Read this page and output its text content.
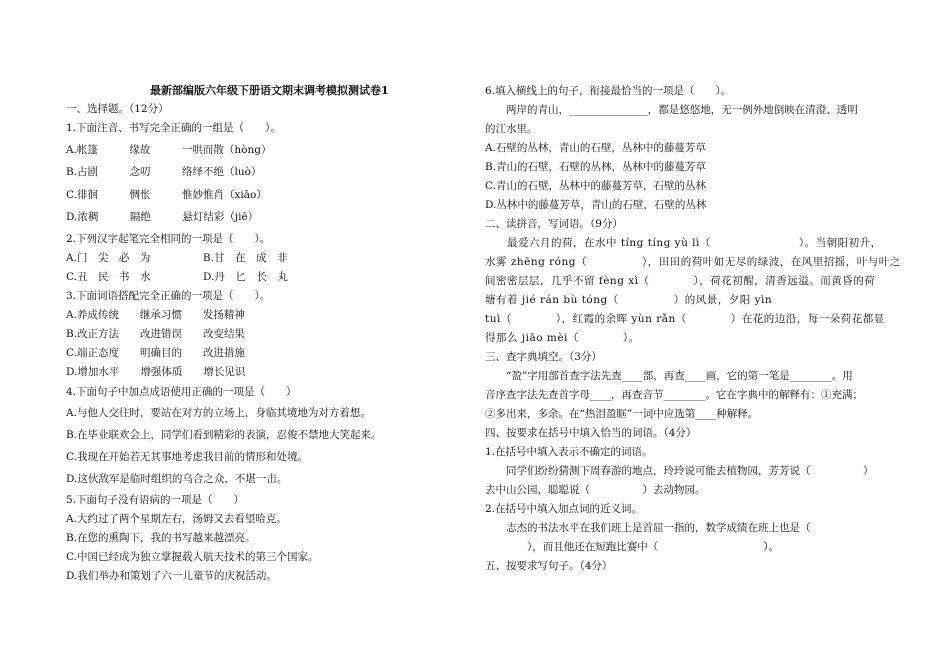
最新部编版六年级下册语文期末调考模拟测试卷1
一、选择题。（12分）
1.下面注音、书写完全正确的一组是（　　）。
A.帐篷　　　缘故　　　一哄而散（hòng）
B.占剧　　　念叨　　　络绎不绝（luò）
C.徘徊　　　惆怅　　　惟妙惟肖（xiāo）
D.浓稠　　　隔绝　　　悬灯结彩（jiē）
2.下列汉字起笔完全相同的一项是（　　）。
A.门　尖　必　为　　　　　B.甘　在　成　非
C.丑　民　书　水　　　　　D.丹　匕　长　丸
3.下面词语搭配完全正确的一项是（　　）。
A.养成传统　　继承习惯　　发扬精神
B.改正方法　　改进错误　　改变结果
C.端正态度　　明确目的　　改进措施
D.增加水平　　增强体质　　增长见识
4.下面句子中加点成语使用正确的一项是（　　）
A.与他人交往时，要站在对方的立场上，身临其境地为对方着想。
B.在毕业联欢会上，同学们看到精彩的表演，忍俊不禁地大笑起来。
C.我现在开始若无其事地考虑我目前的情形和处境。
D.这伙敌军是临时组织的乌合之众，不堪一击。
5.下面句子没有语病的一项是（　　）
A.大约过了两个星期左右，汤姆又去看望哈克。
B.在您的熏陶下，我的书写越来越漂亮。
C.中国已经成为独立掌握载人航天技术的第三个国家。
D.我们举办和策划了六一儿童节的庆祝活动。
6.填入横线上的句子，衔接最恰当的一项是（　　）。
　　两岸的青山，_______________，都是悠悠地，无一例外地倒映在清澄、透明
的江水里。
A.石壁的丛林，青山的石壁，丛林中的藤蔓芳草
B.青山的石壁，石壁的丛林，丛林中的藤蔓芳草
C.青山的石壁，丛林中的藤蔓芳草，石壁的丛林
D.丛林中的藤蔓芳草，青山的石壁，石壁的丛林
二、读拼音，写词语。（9分）
　　最爱六月的荷，在水中 tíng tíng yù lì（　　　　　　　　）。当朝阳初升，
水雾 zhēng róng（　　　　　），田田的荷叶如无尽的绿波，在风里招摇，叶与叶之
间密密层层，几乎不留 fèng xì（　　　　），荷花初醒，清香远溢。而黄昏的荷
塘有着 jié rán bù tóng（　　　　　）的风景，夕阳 yìn
tuì（　　　　），红霞的余晖 yùn rǎn（　　　　）在花的边沿，每一朵荷花都显
得那么 jiāo mèi（　　　　）。
三、查字典填空。（3分）
　　“盈”字用部首查字法先查____部，再查____画，它的第一笔是________。用
音序查字法先查首字母____，再查音节________。它在字典中的解释有：①充满；
②多出来，多余。在“热泪盈眶”一词中应选第____种解释。
四、按要求在括号中填入恰当的词语。（4分）
1.在括号中填入表示不确定的词语。
　　同学们纷纷猜测下周春游的地点，玲玲说可能去植物园，芳芳说（　　　　　）
去中山公园，聪聪说（　　　　　）去动物园。
2.在括号中填入加点词的近义词。
　　志杰的书法水平在我们班上是首屈一指的，数学成绩在班上也是（
　　　　），而且他还在短跑比赛中（　　　　　　　　　　）。
五、按要求写句子。（4分）
